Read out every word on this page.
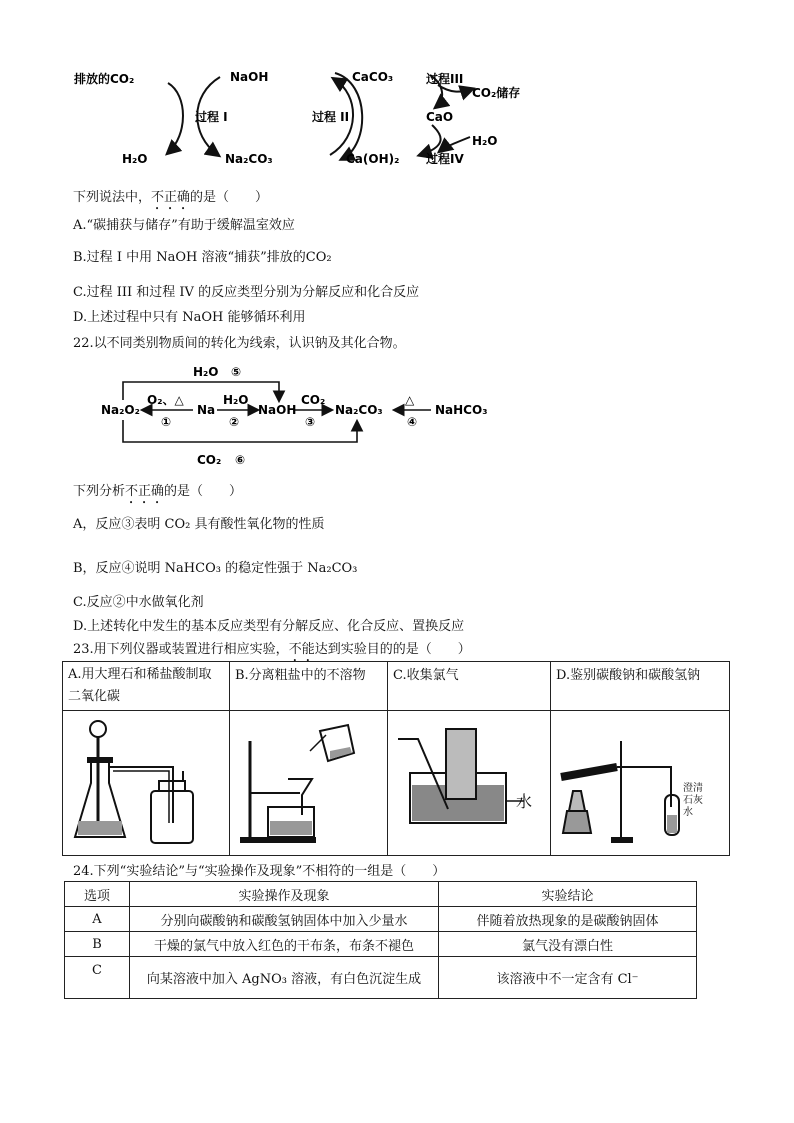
排放的CO₂	NaOH
H₂O	Na₂CO₃
过程 I	过程 II
CaCO₃	过程III
CO₂储存
CaO
H₂O
Ca(OH)₂ 过程IV
下列说法中，不正确的是（　　）
A.“碳捕获与储存”有助于缓解温室效应
B.过程 I 中用 NaOH 溶液“捕获”排放的CO₂
C.过程 III 和过程 IV 的反应类型分别为分解反应和化合反应
D.上述过程中只有 NaOH 能够循环利用
22.以不同类别物质间的转化为线索，认识钠及其化合物。
H₂O ⑤
Na₂O₂
O₂、△
①
Na
H₂O
②
NaOH
CO₂
③
Na₂CO₃
△
④
NaHCO₃
CO₂ ⑥
下列分析不正确的是（　　）
A，反应③表明 CO₂ 具有酸性氧化物的性质
B，反应④说明 NaHCO₃ 的稳定性强于 Na₂CO₃
C.反应②中水做氧化剂
D.上述转化中发生的基本反应类型有分解反应、化合反应、置换反应
23.用下列仪器或装置进行相应实验，不能达到实验目的的是（　　）
A.用大理石和稀盐酸制取二氧化碳	B.分离粗盐中的不溶物	C.收集氯气	D.鉴别碳酸钠和碳酸氢钠

水	澄清石灰水
24.下列“实验结论”与“实验操作及现象”不相符的一组是（　　）
选项	实验操作及现象	实验结论
A	分别向碳酸钠和碳酸氢钠固体中加入少量水	伴随着放热现象的是碳酸钠固体
B	干燥的氯气中放入红色的干布条，布条不褪色	氯气没有漂白性
C	向某溶液中加入 AgNO₃ 溶液，有白色沉淀生成	该溶液中不一定含有 Cl⁻
